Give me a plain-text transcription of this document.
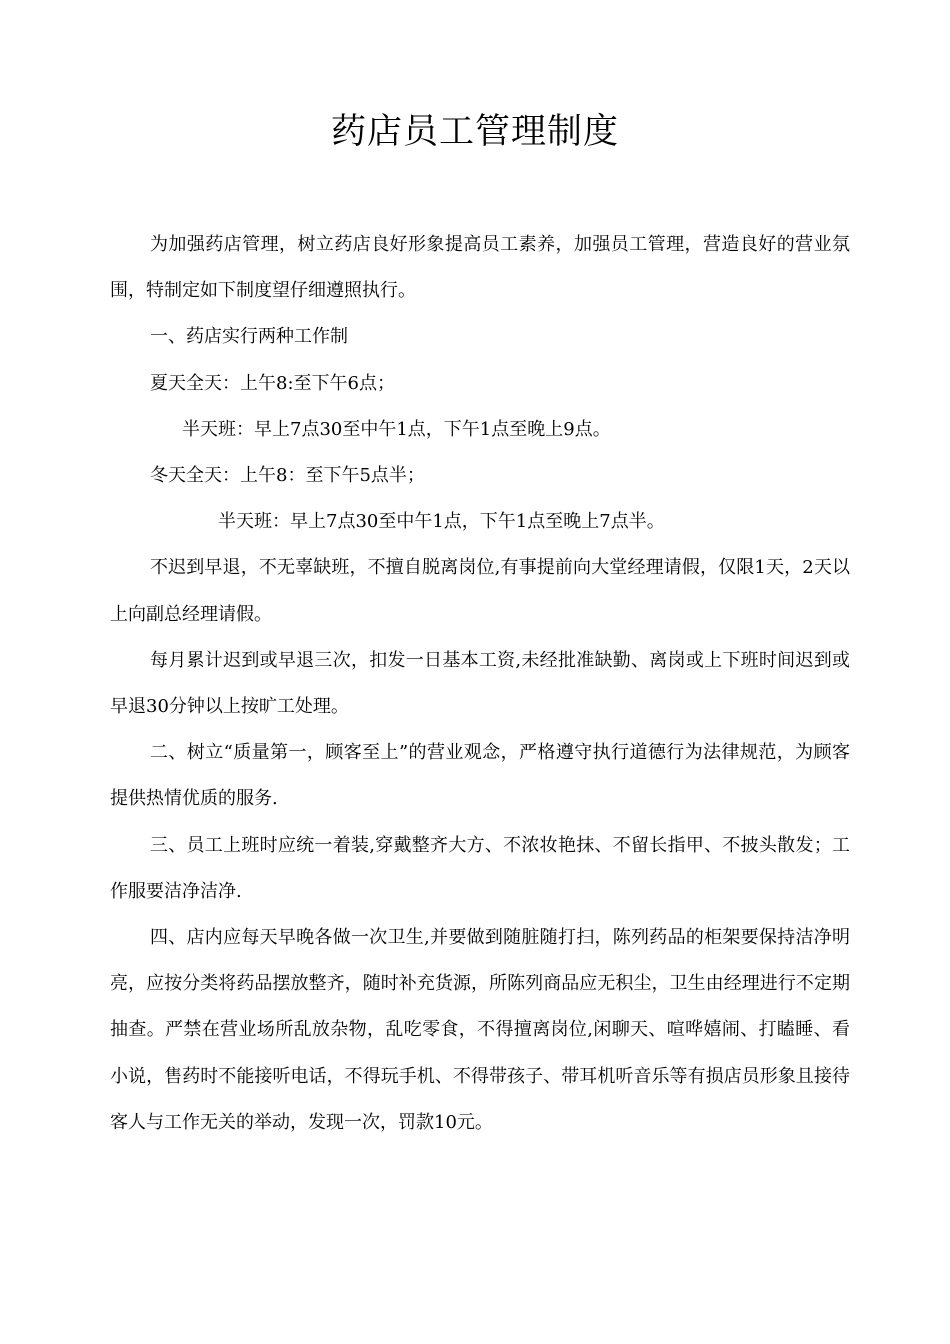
药店员工管理制度

为加强药店管理，树立药店良好形象提高员工素养，加强员工管理，营造良好的营业氛围，特制定如下制度望仔细遵照执行。

一、药店实行两种工作制

夏天全天：上午8:至下午6点；

半天班：早上7点30至中午1点，下午1点至晚上9点。

冬天全天：上午8：至下午5点半；

半天班：早上7点30至中午1点，下午1点至晚上7点半。

不迟到早退，不无辜缺班，不擅自脱离岗位,有事提前向大堂经理请假，仅限1天，2天以上向副总经理请假。

每月累计迟到或早退三次，扣发一日基本工资,未经批准缺勤、离岗或上下班时间迟到或早退30分钟以上按旷工处理。

二、树立“质量第一，顾客至上”的营业观念，严格遵守执行道德行为法律规范，为顾客提供热情优质的服务.

三、员工上班时应统一着装,穿戴整齐大方、不浓妆艳抹、不留长指甲、不披头散发；工作服要洁净洁净.

四、店内应每天早晚各做一次卫生,并要做到随脏随打扫，陈列药品的柜架要保持洁净明亮，应按分类将药品摆放整齐，随时补充货源，所陈列商品应无积尘，卫生由经理进行不定期抽查。严禁在营业场所乱放杂物，乱吃零食，不得擅离岗位,闲聊天、喧哗嬉闹、打瞌睡、看小说，售药时不能接听电话，不得玩手机、不得带孩子、带耳机听音乐等有损店员形象且接待客人与工作无关的举动，发现一次，罚款10元。
